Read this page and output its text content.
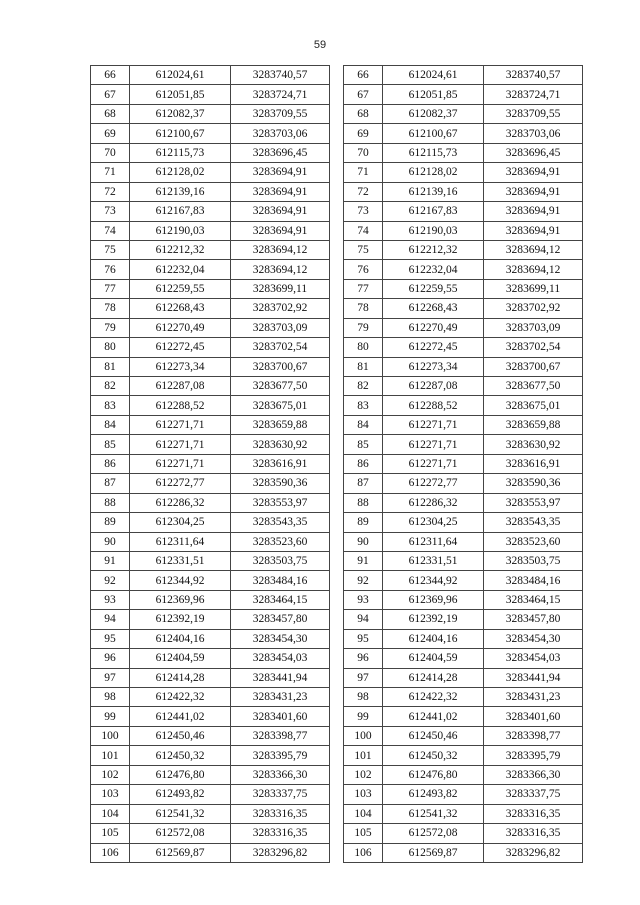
59
66	612024,61	3283740,57
67	612051,85	3283724,71
68	612082,37	3283709,55
69	612100,67	3283703,06
70	612115,73	3283696,45
71	612128,02	3283694,91
72	612139,16	3283694,91
73	612167,83	3283694,91
74	612190,03	3283694,91
75	612212,32	3283694,12
76	612232,04	3283694,12
77	612259,55	3283699,11
78	612268,43	3283702,92
79	612270,49	3283703,09
80	612272,45	3283702,54
81	612273,34	3283700,67
82	612287,08	3283677,50
83	612288,52	3283675,01
84	612271,71	3283659,88
85	612271,71	3283630,92
86	612271,71	3283616,91
87	612272,77	3283590,36
88	612286,32	3283553,97
89	612304,25	3283543,35
90	612311,64	3283523,60
91	612331,51	3283503,75
92	612344,92	3283484,16
93	612369,96	3283464,15
94	612392,19	3283457,80
95	612404,16	3283454,30
96	612404,59	3283454,03
97	612414,28	3283441,94
98	612422,32	3283431,23
99	612441,02	3283401,60
100	612450,46	3283398,77
101	612450,32	3283395,79
102	612476,80	3283366,30
103	612493,82	3283337,75
104	612541,32	3283316,35
105	612572,08	3283316,35
106	612569,87	3283296,82
66	612024,61	3283740,57
67	612051,85	3283724,71
68	612082,37	3283709,55
69	612100,67	3283703,06
70	612115,73	3283696,45
71	612128,02	3283694,91
72	612139,16	3283694,91
73	612167,83	3283694,91
74	612190,03	3283694,91
75	612212,32	3283694,12
76	612232,04	3283694,12
77	612259,55	3283699,11
78	612268,43	3283702,92
79	612270,49	3283703,09
80	612272,45	3283702,54
81	612273,34	3283700,67
82	612287,08	3283677,50
83	612288,52	3283675,01
84	612271,71	3283659,88
85	612271,71	3283630,92
86	612271,71	3283616,91
87	612272,77	3283590,36
88	612286,32	3283553,97
89	612304,25	3283543,35
90	612311,64	3283523,60
91	612331,51	3283503,75
92	612344,92	3283484,16
93	612369,96	3283464,15
94	612392,19	3283457,80
95	612404,16	3283454,30
96	612404,59	3283454,03
97	612414,28	3283441,94
98	612422,32	3283431,23
99	612441,02	3283401,60
100	612450,46	3283398,77
101	612450,32	3283395,79
102	612476,80	3283366,30
103	612493,82	3283337,75
104	612541,32	3283316,35
105	612572,08	3283316,35
106	612569,87	3283296,82
